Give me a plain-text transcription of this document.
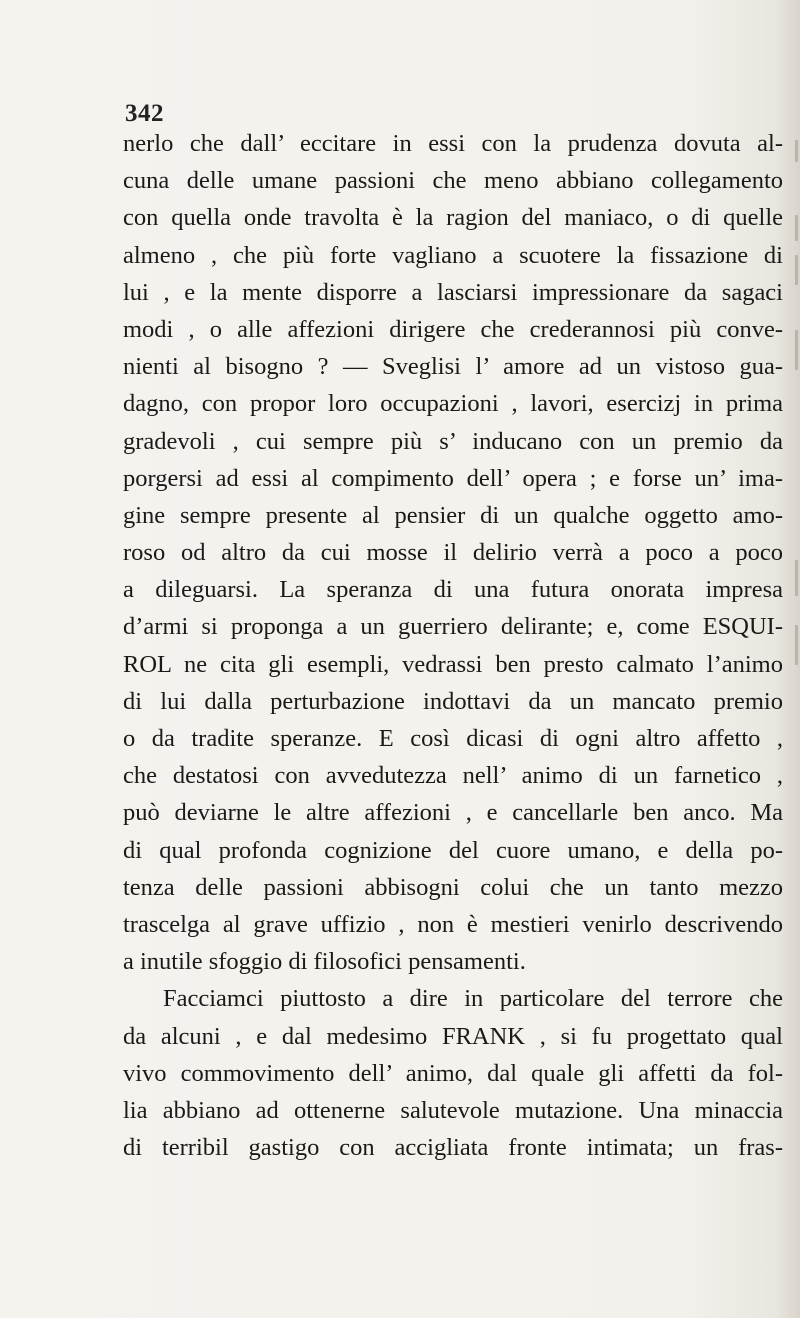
342
nerlo che dall’ eccitare in essi con la prudenza dovuta al-
cuna delle umane passioni che meno abbiano collegamento
con quella onde travolta è la ragion del maniaco, o di quelle
almeno , che più forte vagliano a scuotere la fissazione di
lui , e la mente disporre a lasciarsi impressionare da sagaci
modi , o alle affezioni dirigere che crederannosi più conve-
nienti al bisogno ? — Sveglisi l’ amore ad un vistoso gua-
dagno, con propor loro occupazioni , lavori, esercizj in prima
gradevoli , cui sempre più s’ inducano con un premio da
porgersi ad essi al compimento dell’ opera ; e forse un’ ima-
gine sempre presente al pensier di un qualche oggetto amo-
roso od altro da cui mosse il delirio verrà a poco a poco
a dileguarsi. La speranza di una futura onorata impresa
d’armi si proponga a un guerriero delirante; e, come ESQUI-
ROL ne cita gli esempli, vedrassi ben presto calmato l’animo
di lui dalla perturbazione indottavi da un mancato premio
o da tradite speranze. E così dicasi di ogni altro affetto ,
che destatosi con avvedutezza nell’ animo di un farnetico ,
può deviarne le altre affezioni , e cancellarle ben anco. Ma
di qual profonda cognizione del cuore umano, e della po-
tenza delle passioni abbisogni colui che un tanto mezzo
trascelga al grave uffizio , non è mestieri venirlo descrivendo
a inutile sfoggio di filosofici pensamenti.
Facciamci piuttosto a dire in particolare del terrore che
da alcuni , e dal medesimo FRANK , si fu progettato qual
vivo commovimento dell’ animo, dal quale gli affetti da fol-
lia abbiano ad ottenerne salutevole mutazione. Una minaccia
di terribil gastigo con accigliata fronte intimata; un fras-
